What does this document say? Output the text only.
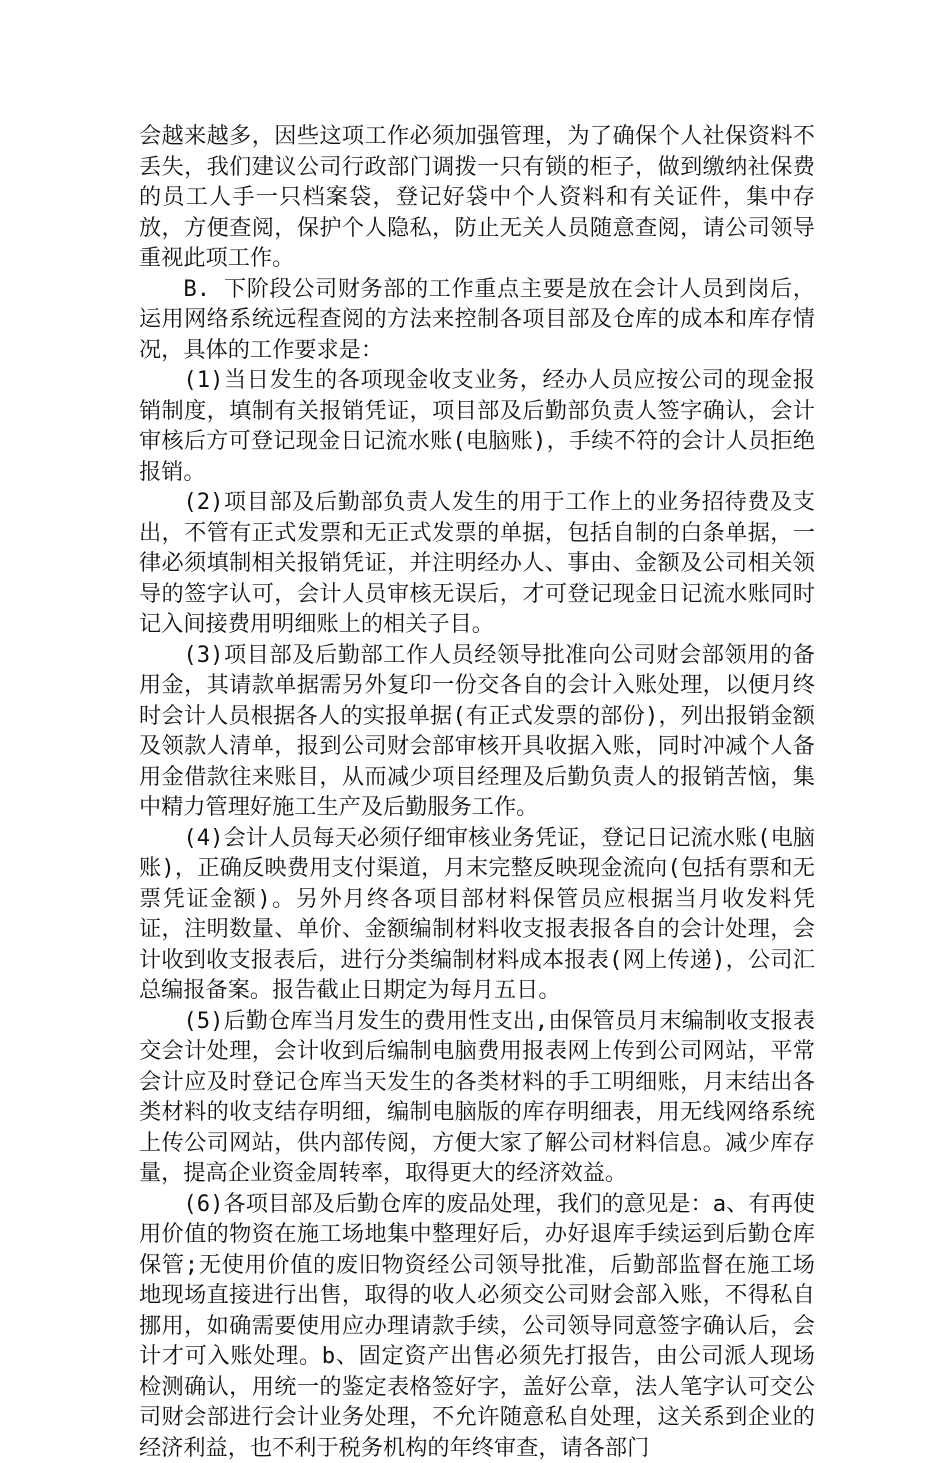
会越来越多，因些这项工作必须加强管理，为了确保个人社保资料不丢失，我们建议公司行政部门调拨一只有锁的柜子，做到缴纳社保费的员工人手一只档案袋，登记好袋中个人资料和有关证件，集中存放，方便查阅，保护个人隐私，防止无关人员随意查阅，请公司领导重视此项工作。

B. 下阶段公司财务部的工作重点主要是放在会计人员到岗后，运用网络系统远程查阅的方法来控制各项目部及仓库的成本和库存情况，具体的工作要求是：

(1)当日发生的各项现金收支业务，经办人员应按公司的现金报销制度，填制有关报销凭证，项目部及后勤部负责人签字确认，会计审核后方可登记现金日记流水账(电脑账)，手续不符的会计人员拒绝报销。

(2)项目部及后勤部负责人发生的用于工作上的业务招待费及支出，不管有正式发票和无正式发票的单据，包括自制的白条单据，一律必须填制相关报销凭证，并注明经办人、事由、金额及公司相关领导的签字认可，会计人员审核无误后，才可登记现金日记流水账同时记入间接费用明细账上的相关子目。

(3)项目部及后勤部工作人员经领导批准向公司财会部领用的备用金，其请款单据需另外复印一份交各自的会计入账处理，以便月终时会计人员根据各人的实报单据(有正式发票的部份)，列出报销金额及领款人清单，报到公司财会部审核开具收据入账，同时冲减个人备用金借款往来账目，从而减少项目经理及后勤负责人的报销苦恼，集中精力管理好施工生产及后勤服务工作。

(4)会计人员每天必须仔细审核业务凭证，登记日记流水账(电脑账)，正确反映费用支付渠道，月末完整反映现金流向(包括有票和无票凭证金额)。另外月终各项目部材料保管员应根据当月收发料凭证，注明数量、单价、金额编制材料收支报表报各自的会计处理，会计收到收支报表后，进行分类编制材料成本报表(网上传递)，公司汇总编报备案。报告截止日期定为每月五日。

(5)后勤仓库当月发生的费用性支出,由保管员月末编制收支报表交会计处理，会计收到后编制电脑费用报表网上传到公司网站，平常会计应及时登记仓库当天发生的各类材料的手工明细账，月末结出各类材料的收支结存明细，编制电脑版的库存明细表，用无线网络系统上传公司网站，供内部传阅，方便大家了解公司材料信息。减少库存量，提高企业资金周转率，取得更大的经济效益。

(6)各项目部及后勤仓库的废品处理，我们的意见是：a、有再使用价值的物资在施工场地集中整理好后，办好退库手续运到后勤仓库保管;无使用价值的废旧物资经公司领导批准，后勤部监督在施工场地现场直接进行出售，取得的收人必须交公司财会部入账，不得私自挪用，如确需要使用应办理请款手续，公司领导同意签字确认后，会计才可入账处理。b、固定资产出售必须先打报告，由公司派人现场检测确认，用统一的鉴定表格签好字，盖好公章，法人笔字认可交公司财会部进行会计业务处理，不允许随意私自处理，这关系到企业的经济利益，也不利于税务机构的年终审查，请各部门
